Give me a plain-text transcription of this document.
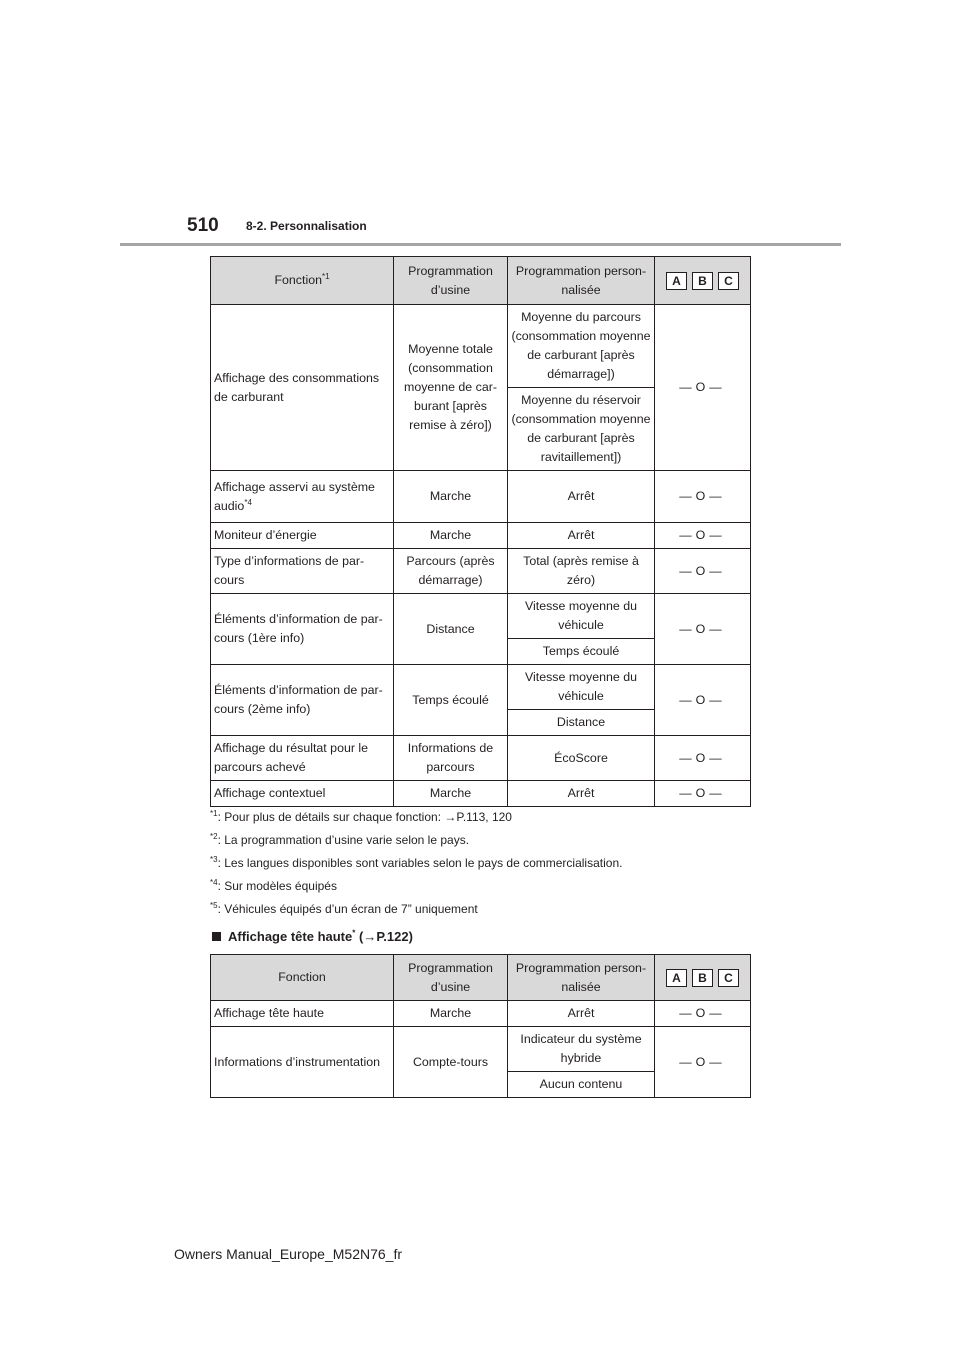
510 8-2. Personnalisation
Fonction$^{*1}$	Programmation d’usine	Programmation person- nalisée	A B C

Affichage des consommations de carburant	Moyenne totale (consommation moyenne de car- burant [après remise à zéro])	Moyenne du parcours (consommation moyenne de carburant [après démarrage])	—O—
		Moyenne du réservoir (consommation moyenne de carburant [après ravitaillement])	
Affichage asservi au système audio$^{*4}$	Marche	Arrêt	—O—
Moniteur d’énergie	Marche	Arrêt	—O—
Type d’informations de par- cours	Parcours (après démarrage)	Total (après remise à zéro)	—O—
Éléments d’information de par- cours (1ère info)	Distance	Vitesse moyenne du véhicule	—O—
		Temps écoulé	
Éléments d’information de par- cours (2ème info)	Temps écoulé	Vitesse moyenne du véhicule	—O—
		Distance	
Affichage du résultat pour le parcours achevé	Informations de parcours	ÉcoScore	—O—
Affichage contextuel	Marche	Arrêt	—O—
$^{*1}$: Pour plus de détails sur chaque fonction: →P.113, 120
$^{*2}$: La programmation d’usine varie selon le pays.
$^{*3}$: Les langues disponibles sont variables selon le pays de commercialisation.
$^{*4}$: Sur modèles équipés
$^{*5}$: Véhicules équipés d’un écran de 7” uniquement
Affichage tête haute* (→P.122)
Fonction	Programmation d’usine	Programmation person- nalisée	A B C

Affichage tête haute	Marche	Arrêt	—O—
Informations d’instrumentation	Compte-tours	Indicateur du système hybride	—O—
		Aucun contenu	
Owners Manual_Europe_M52N76_fr
